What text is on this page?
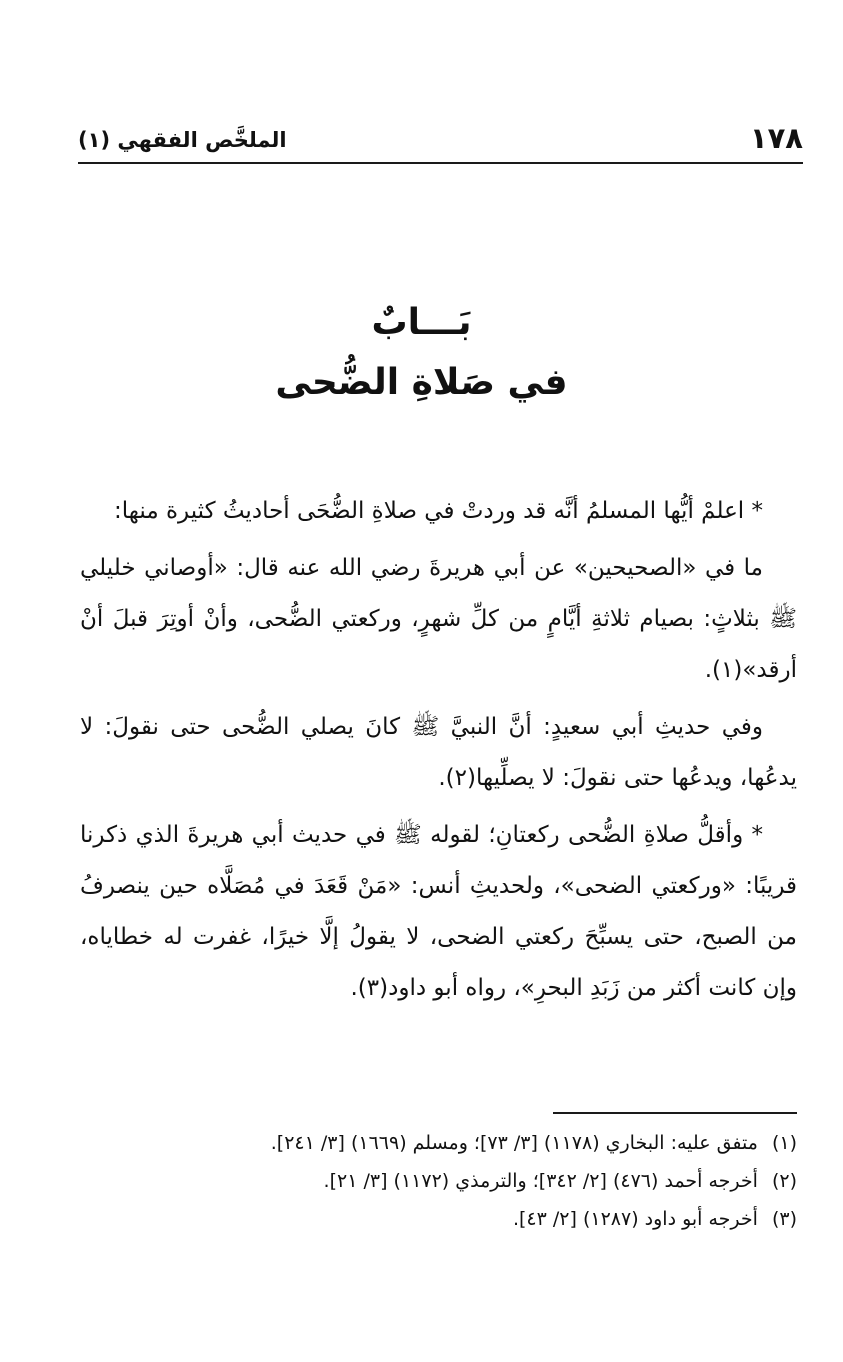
١٧٨
الملخَّص الفقهي (١)
بَـــابٌ
في صَلاةِ الضُّحى

* اعلمْ أيُّها المسلمُ أنَّه قد وردتْ في صلاةِ الضُّحَى أحاديثُ كثيرة منها:

ما في «الصحيحين» عن أبي هريرةَ رضي الله عنه قال: «أوصاني خليلي ﷺ بثلاثٍ: بصيام ثلاثةِ أيَّامٍ من كلِّ شهرٍ، وركعتي الضُّحى، وأنْ أوتِرَ قبلَ أنْ أرقد»(١).

وفي حديثِ أبي سعيدٍ: أنَّ النبيَّ ﷺ كانَ يصلي الضُّحى حتى نقولَ: لا يدعُها، ويدعُها حتى نقولَ: لا يصلِّيها(٢).

* وأقلُّ صلاةِ الضُّحى ركعتانِ؛ لقوله ﷺ في حديث أبي هريرةَ الذي ذكرنا قريبًا: «وركعتي الضحى»، ولحديثِ أنس: «مَنْ قَعَدَ في مُصَلَّاه حين ينصرفُ من الصبح، حتى يسبِّحَ ركعتي الضحى، لا يقولُ إلَّا خيرًا، غفرت له خطاياه، وإن كانت أكثر من زَبَدِ البحرِ»، رواه أبو داود(٣).

(١)متفق عليه: البخاري (١١٧٨) [٣/ ٧٣]؛ ومسلم (١٦٦٩) [٣/ ٢٤١].
(٢)أخرجه أحمد (٤٧٦) [٢/ ٣٤٢]؛ والترمذي (١١٧٢) [٣/ ٢١].
(٣)أخرجه أبو داود (١٢٨٧) [٢/ ٤٣].
